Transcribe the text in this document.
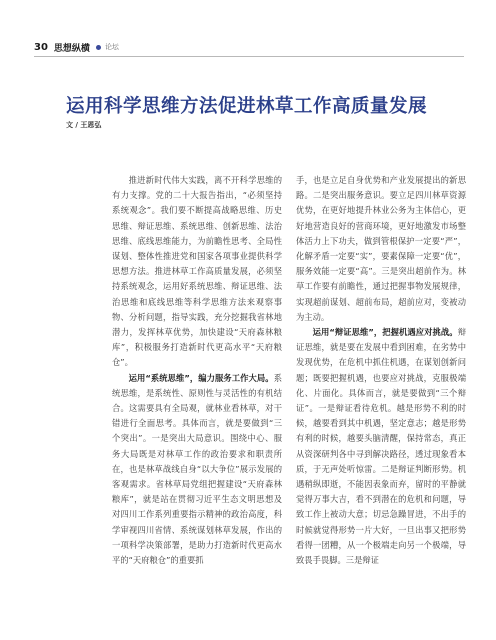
30 思想纵横 论坛
运用科学思维方法促进林草工作高质量发展
文 / 王恩弘

推进新时代伟大实践，离不开科学思维的有力支撑。党的二十大报告指出，“必须坚持系统观念”。我们要不断提高战略思维、历史思维、辩证思维、系统思维、创新思维、法治思维、底线思维能力，为前瞻性思考、全局性谋划、整体性推进党和国家各项事业提供科学思想方法。推进林草工作高质量发展，必须坚持系统观念，运用好系统思维、辩证思维、法治思维和底线思维等科学思维方法来观察事物、分析问题，指导实践，充分挖掘我省林地潜力，发挥林草优势，加快建设“天府森林粮库”，积极服务打造新时代更高水平“天府粮仓”。

运用“系统思维”，编力服务工作大局。系统思维，是系统性、原则性与灵活性的有机结合。这需要具有全局观，就林业看林草，对干错进行全面思考。具体而言，就是要做到“三个突出”。一是突出大局意识。围绕中心、服务大局既是对林草工作的政治要求和职责所在，也是林草战线自身“以大争位”展示发展的客观需求。省林草局党组把握建设“天府森林粮库”，就是站在贯彻习近平生态文明思想及对四川工作系列重要指示精神的政治高度，科学审视四川省情、系统谋划林草发展，作出的一项科学决策部署，是助力打造新时代更高水平的“天府粮仓”的重要抓

手，也是立足自身优势和产业发展提出的新思路。二是突出服务意识。要立足四川林草资源优势，在更好地提升林业公务为主体信心，更好地营造良好的营商环境，更好地激发市场整体活力上下功夫，做到管根保护一定要“严”，化解矛盾一定要“实”，要素保障一定要“优”，服务效能一定要“高”。三是突出超前作为。林草工作要有前瞻性，通过把握事物发展规律，实现超前谋划、超前布局，超前应对，变被动为主动。

运用“辩证思维”，把握机遇应对挑战。辩证思维，就是要在发展中看到困难，在劣势中发现优势，在危机中抓住机遇，在谋划创新问题；既要把握机遇，也要应对挑战，克服极端化、片面化。具体而言，就是要做到“三个辩证”。一是辩证看待危机。越是形势不利的时候，越要看到其中机遇，坚定意志；越是形势有利的时候，越要头脑清醒，保持常态，真正从资深研判各中寻到解决路径，透过现象看本质，于无声处听惊雷。二是辩证判断形势。机遇稍纵即逝，不能因表象而弃，留时的平静就觉得万事大吉，看不到潜在的危机和问题，导致工作上被动大意；切忌急躁冒进，不出手的时候就觉得形势一片大好，一旦出事又把形势看得一团糟，从一个极端走向另一个极端，导致畏手畏脚。三是辩证
